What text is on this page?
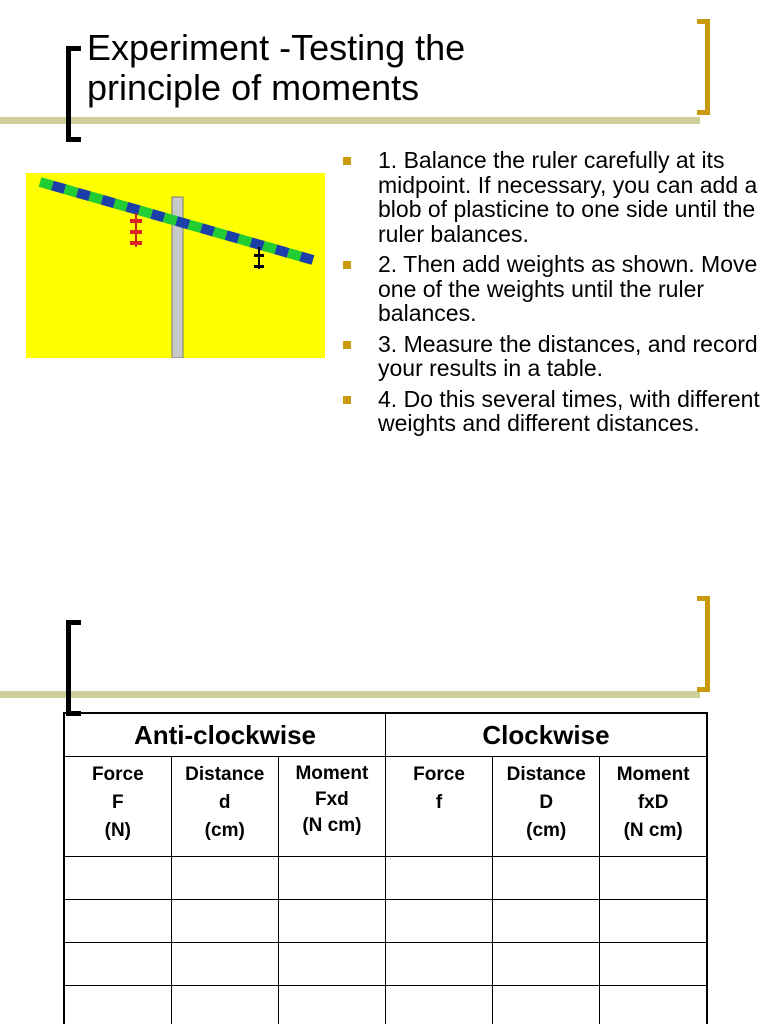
Experiment -Testing the
principle of moments
1. Balance the ruler carefully at its midpoint. If necessary, you can add a blob of plasticine to one side until the ruler balances.
2. Then add weights as shown. Move one of the weights until the ruler balances.
3. Measure the distances, and record your results in a table.
4. Do this several times, with different weights and different distances.
Anti-clockwise			Clockwise		

Force
F
(N)	Distance
d
(cm)	Moment
Fxd
(N cm)	Force
f	Distance
D
(cm)	Moment
fxD
(N cm)
